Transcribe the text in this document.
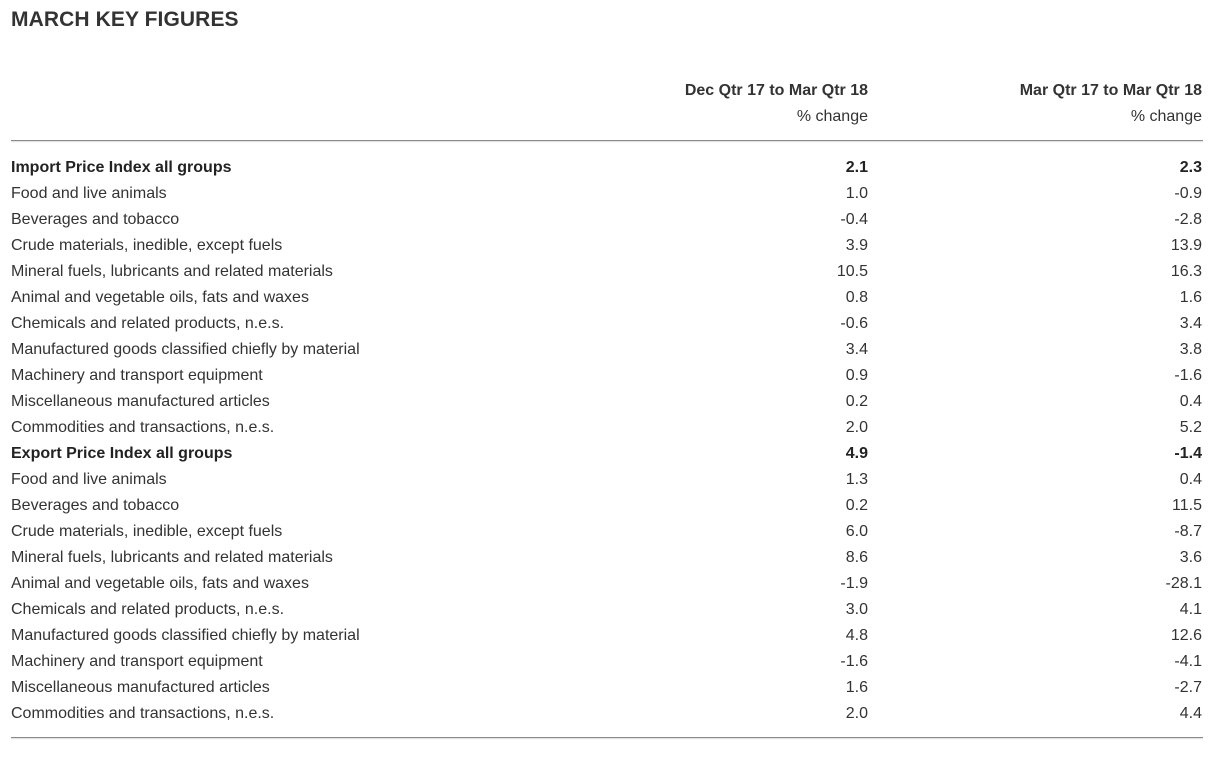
MARCH KEY FIGURES
Dec Qtr 17 to Mar Qtr 18
% change
Mar Qtr 17 to Mar Qtr 18
% change
Import Price Index all groups	2.1	2.3
Food and live animals	1.0	-0.9
Beverages and tobacco	-0.4	-2.8
Crude materials, inedible, except fuels	3.9	13.9
Mineral fuels, lubricants and related materials	10.5	16.3
Animal and vegetable oils, fats and waxes	0.8	1.6
Chemicals and related products, n.e.s.	-0.6	3.4
Manufactured goods classified chiefly by material	3.4	3.8
Machinery and transport equipment	0.9	-1.6
Miscellaneous manufactured articles	0.2	0.4
Commodities and transactions, n.e.s.	2.0	5.2
Export Price Index all groups	4.9	-1.4
Food and live animals	1.3	0.4
Beverages and tobacco	0.2	11.5
Crude materials, inedible, except fuels	6.0	-8.7
Mineral fuels, lubricants and related materials	8.6	3.6
Animal and vegetable oils, fats and waxes	-1.9	-28.1
Chemicals and related products, n.e.s.	3.0	4.1
Manufactured goods classified chiefly by material	4.8	12.6
Machinery and transport equipment	-1.6	-4.1
Miscellaneous manufactured articles	1.6	-2.7
Commodities and transactions, n.e.s.	2.0	4.4
